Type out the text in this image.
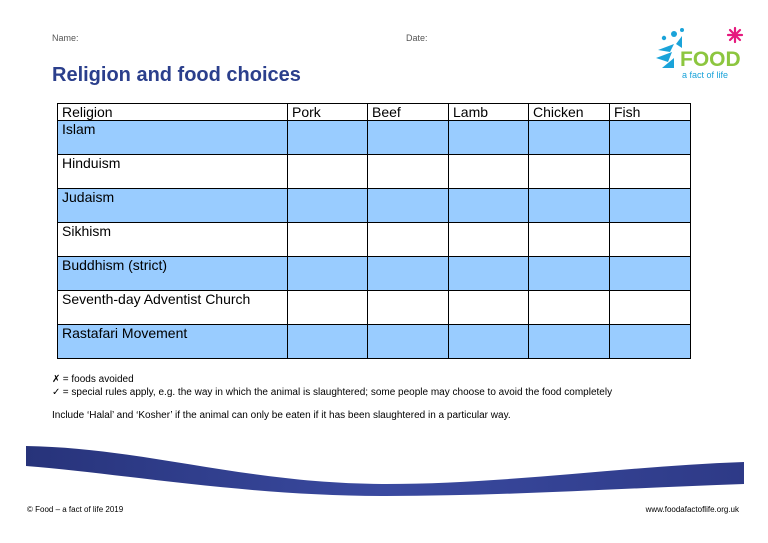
Name:	Date:
Religion and food choices
FOOD
a fact of life
Religion	Pork	Beef	Lamb	Chicken	Fish
Islam					
Hinduism					
Judaism					
Sikhism					
Buddhism (strict)					
Seventh-day Adventist Church					
Rastafari Movement					
✗ = foods avoided
✓ = special rules apply, e.g. the way in which the animal is slaughtered; some people may choose to avoid the food completely
Include ‘Halal’ and ‘Kosher’ if the animal can only be eaten if it has been slaughtered in a particular way.
© Food – a fact of life 2019	www.foodafactoflife.org.uk
